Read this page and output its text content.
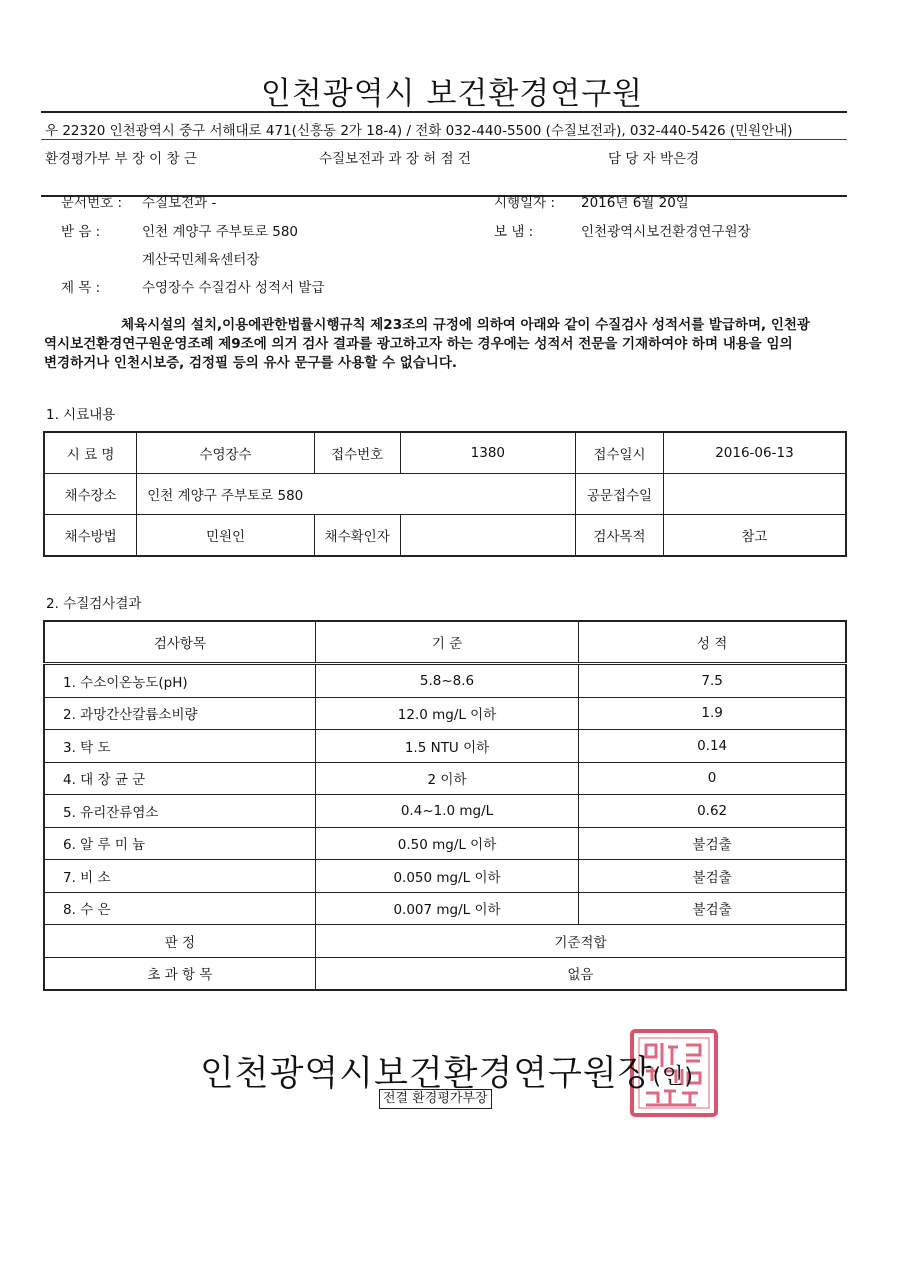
인천광역시 보건환경연구원
우 22320 인천광역시 중구 서해대로 471(신흥동 2가 18-4) / 전화 032-440-5500 (수질보전과), 032-440-5426 (민원안내)
환경평가부 부 장 이 창 근	수질보전과 과 장 허 점 건	담 당 자 박은경
문서번호 : 수질보전과 -	시행일자 : 2016년 6월 20일
받 음 :	인천 계양구 주부토로 580	보 냄 :	인천광역시보건환경연구원장
계산국민체육센터장
제 목 :	수영장수 수질검사 성적서 발급
체육시설의 설치,이용에관한법률시행규칙 제23조의 규정에 의하여 아래와 같이 수질검사 성적서를 발급하며, 인천광
역시보건환경연구원운영조례 제9조에 의거 검사 결과를 광고하고자 하는 경우에는 성적서 전문을 기재하여야 하며 내용을 임의
변경하거나 인천시보증, 검정필 등의 유사 문구를 사용할 수 없습니다.
1. 시료내용
시 료 명	수영장수	접수번호	1380	접수일시	2016-06-13
채수장소	인천 계양구 주부토로 580			공문접수일	
채수방법	민원인	채수확인자		검사목적	참고
2. 수질검사결과
검사항목	기 준	성 적
1. 수소이온농도(pH)	5.8~8.6	7.5
2. 과망간산칼륨소비량	12.0 mg/L 이하	1.9
3. 탁 도	1.5 NTU 이하	0.14
4. 대 장 균 군	2 이하	0
5. 유리잔류염소	0.4~1.0 mg/L	0.62
6. 알 루 미 늄	0.50 mg/L 이하	불검출
7. 비 소	0.050 mg/L 이하	불검출
8. 수 은	0.007 mg/L 이하	불검출
판 정	기준적합	
초 과 항 목	없음	
인천광역시보건환경연구원장(인)
전결 환경평가부장
